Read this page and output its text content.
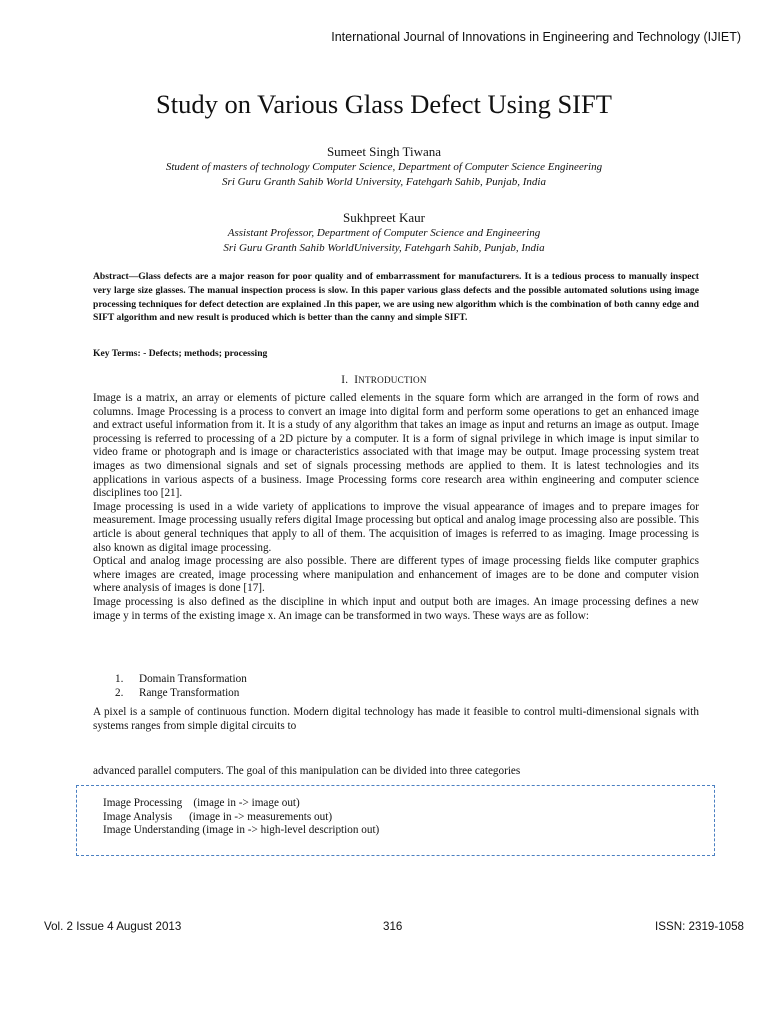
International Journal of Innovations in Engineering and Technology (IJIET)
Study on Various Glass Defect Using SIFT
Sumeet Singh Tiwana
Student of masters of technology Computer Science, Department of Computer Science Engineering
Sri Guru Granth Sahib World University, Fatehgarh Sahib, Punjab, India
Sukhpreet Kaur
Assistant Professor, Department of Computer Science and Engineering
Sri Guru Granth Sahib WorldUniversity, Fatehgarh Sahib, Punjab, India
Abstract—Glass defects are a major reason for poor quality and of embarrassment for manufacturers. It is a tedious process to manually inspect very large size glasses. The manual inspection process is slow. In this paper various glass defects and the possible automated solutions using image processing techniques for defect detection are explained .In this paper, we are using new algorithm which is the combination of both canny edge and SIFT algorithm and new result is produced which is better than the canny and simple SIFT.
Key Terms: - Defects; methods; processing
I. INTRODUCTION

Image is a matrix, an array or elements of picture called elements in the square form which are arranged in the form of rows and columns. Image Processing is a process to convert an image into digital form and perform some operations to get an enhanced image and extract useful information from it. It is a study of any algorithm that takes an image as input and returns an image as output. Image processing is referred to processing of a 2D picture by a computer. It is a form of signal privilege in which image is input similar to video frame or photograph and is image or characteristics associated with that image may be output. Image processing system treat images as two dimensional signals and set of signals processing methods are applied to them. It is latest technologies and its applications in various aspects of a business. Image Processing forms core research area within engineering and computer science disciplines too [21].

Image processing is used in a wide variety of applications to improve the visual appearance of images and to prepare images for measurement. Image processing usually refers digital Image processing but optical and analog image processing also are possible. This article is about general techniques that apply to all of them. The acquisition of images is referred to as imaging. Image processing is also known as digital image processing.

Optical and analog image processing are also possible. There are different types of image processing fields like computer graphics where images are created, image processing where manipulation and enhancement of images are to be done and computer vision where analysis of images is done [17].

Image processing is also defined as the discipline in which input and output both are images. An image processing defines a new image y in terms of the existing image x. An image can be transformed in two ways. These ways are as follow:

1. Domain Transformation
2. Range Transformation
A pixel is a sample of continuous function. Modern digital technology has made it feasible to control multi-dimensional signals with systems ranges from simple digital circuits to
advanced parallel computers. The goal of this manipulation can be divided into three categories
Image Processing    (image in -> image out)
Image Analysis      (image in -> measurements out)
Image Understanding (image in -> high-level description out)
Vol. 2 Issue 4 August 2013	316	ISSN: 2319-1058
